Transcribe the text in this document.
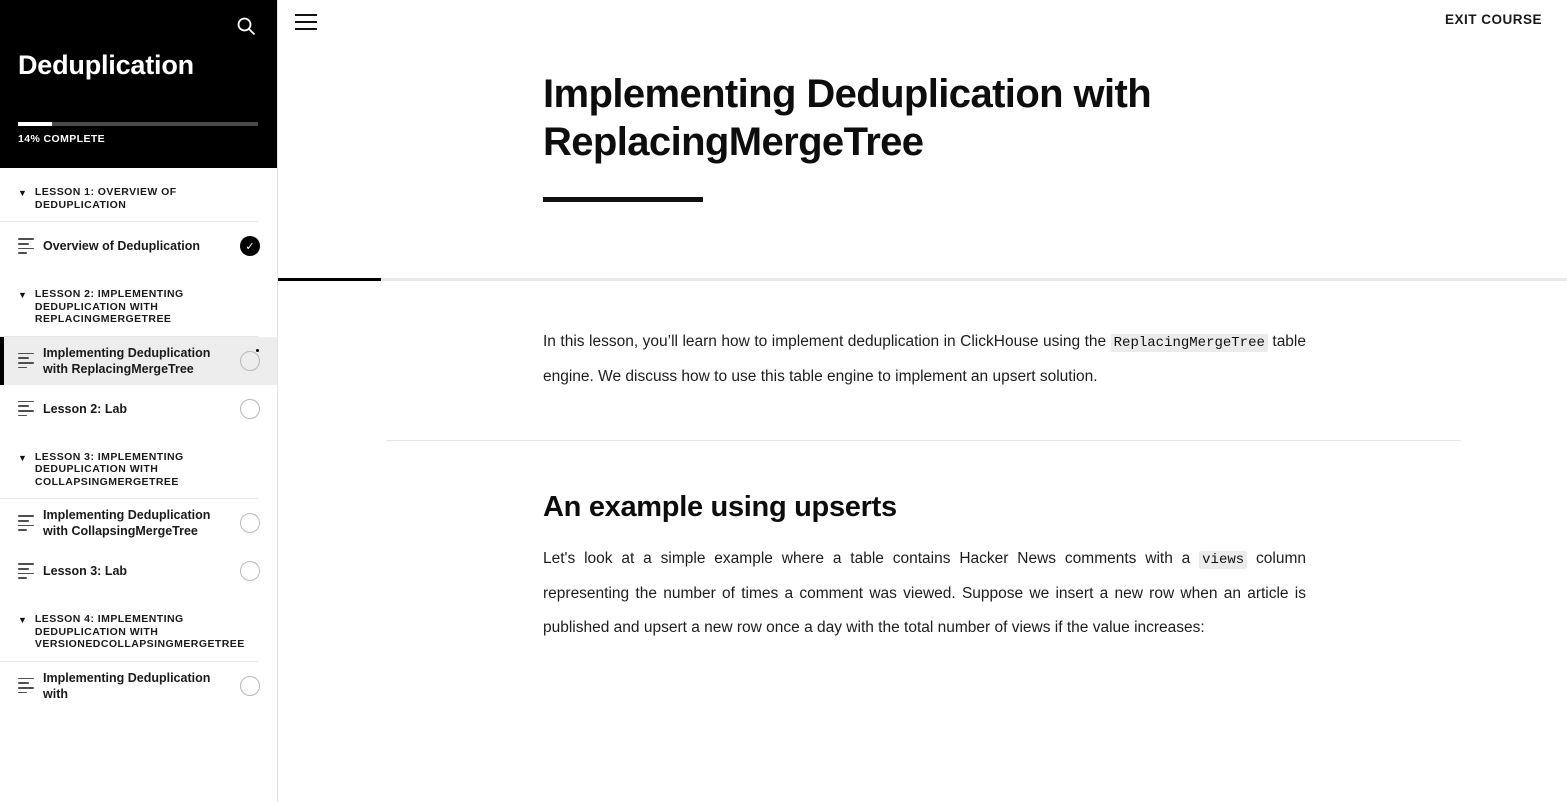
Deduplication
14% COMPLETE
▼ LESSON 1: OVERVIEW OF DEDUPLICATION
Overview of Deduplication	✓
▼ LESSON 2: IMPLEMENTING DEDUPLICATION WITH REPLACINGMERGETREE
Implementing Deduplication with ReplacingMergeTree
Lesson 2: Lab
▼ LESSON 3: IMPLEMENTING DEDUPLICATION WITH COLLAPSINGMERGETREE
Implementing Deduplication with CollapsingMergeTree
Lesson 3: Lab
▼ LESSON 4: IMPLEMENTING DEDUPLICATION WITH VERSIONEDCOLLAPSINGMERGETREE
Implementing Deduplication with
EXIT COURSE
Implementing Deduplication with ReplacingMergeTree

In this lesson, you’ll learn how to implement deduplication in ClickHouse using the ReplacingMergeTree table engine. We discuss how to use this table engine to implement an upsert solution.

An example using upserts

Let's look at a simple example where a table contains Hacker News comments with a views column representing the number of times a comment was viewed. Suppose we insert a new row when an article is published and upsert a new row once a day with the total number of views if the value increases:
